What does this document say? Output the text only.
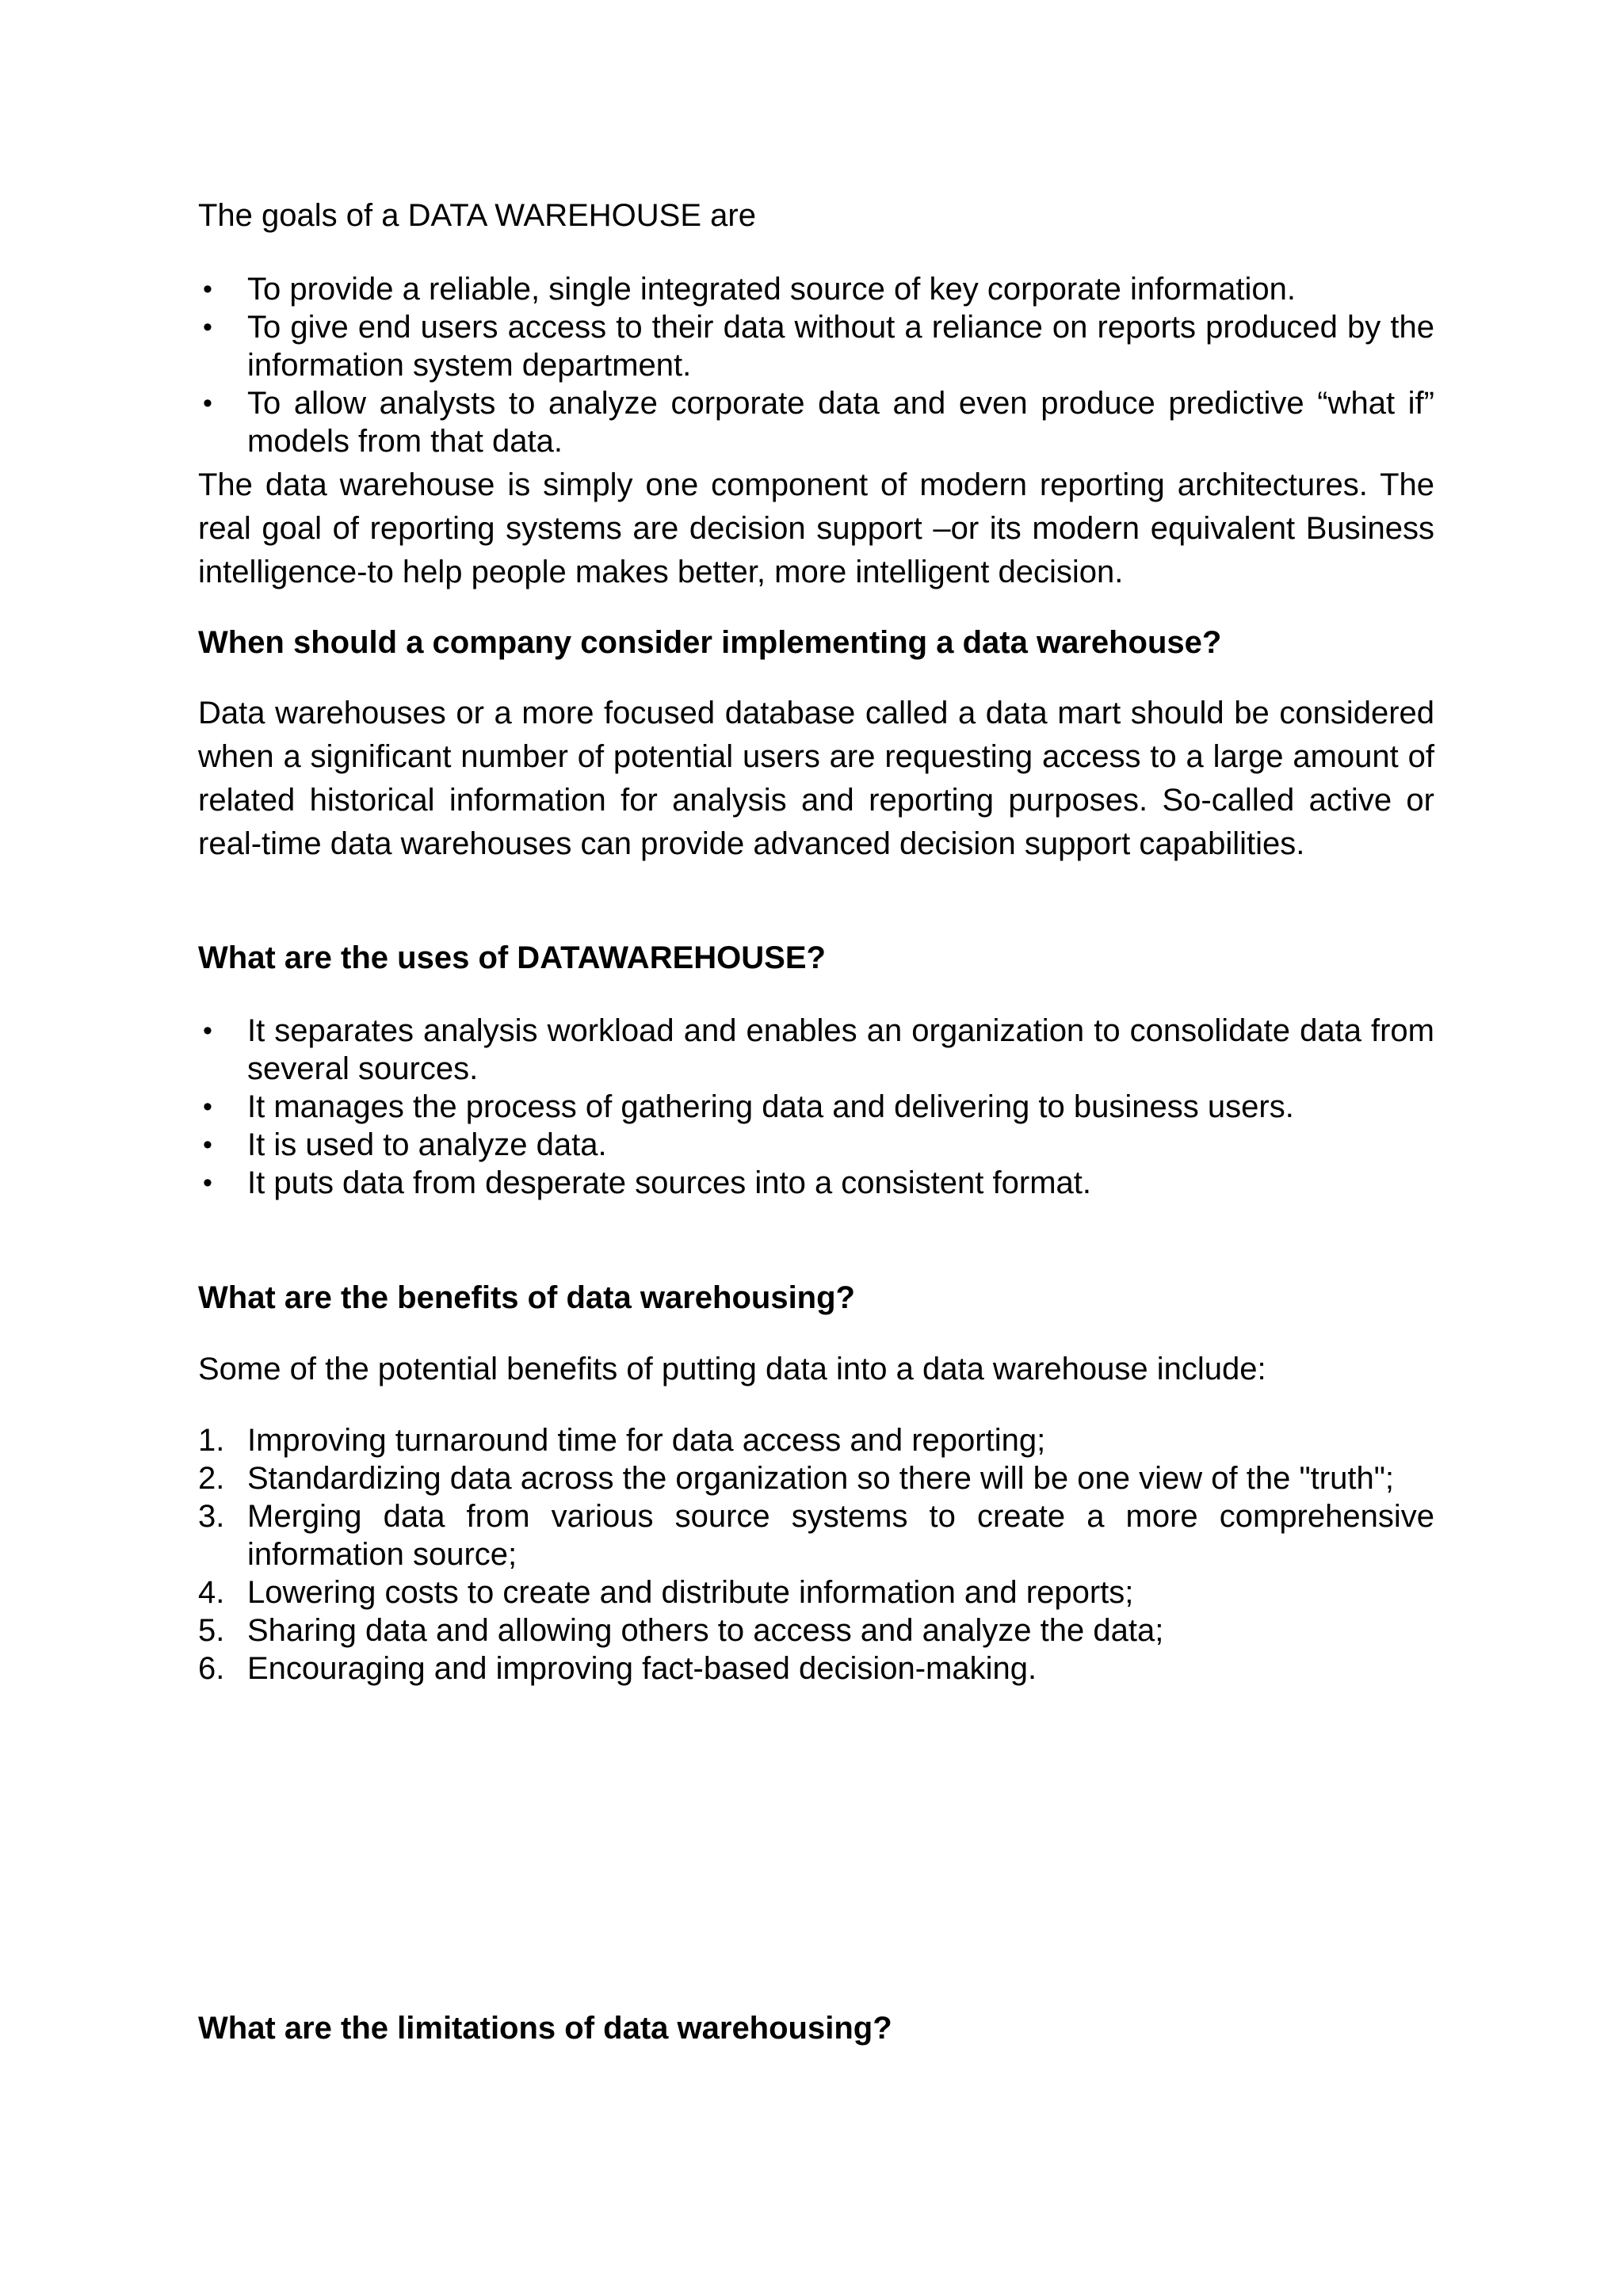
The goals of a DATA WAREHOUSE are
• To provide a reliable, single integrated source of key corporate information.
• To give end users access to their data without a reliance on reports produced by the information system department.
• To allow analysts to analyze corporate data and even produce predictive “what if” models from that data.

The data warehouse is simply one component of modern reporting architectures. The real goal of reporting systems are decision support –or its modern equivalent Business intelligence-to help people makes better, more intelligent decision.

When should a company consider implementing a data warehouse?

Data warehouses or a more focused database called a data mart should be considered when a significant number of potential users are requesting access to a large amount of related historical information for analysis and reporting purposes. So-called active or real-time data warehouses can provide advanced decision support capabilities.

What are the uses of DATAWAREHOUSE?
• It separates analysis workload and enables an organization to consolidate data from several sources.
• It manages the process of gathering data and delivering to business users.
• It is used to analyze data.
• It puts data from desperate sources into a consistent format.
What are the benefits of data warehousing?
Some of the potential benefits of putting data into a data warehouse include:
1. Improving turnaround time for data access and reporting;
2. Standardizing data across the organization so there will be one view of the "truth";
3. Merging data from various source systems to create a more comprehensive information source;
4. Lowering costs to create and distribute information and reports;
5. Sharing data and allowing others to access and analyze the data;
6. Encouraging and improving fact-based decision-making.
What are the limitations of data warehousing?
